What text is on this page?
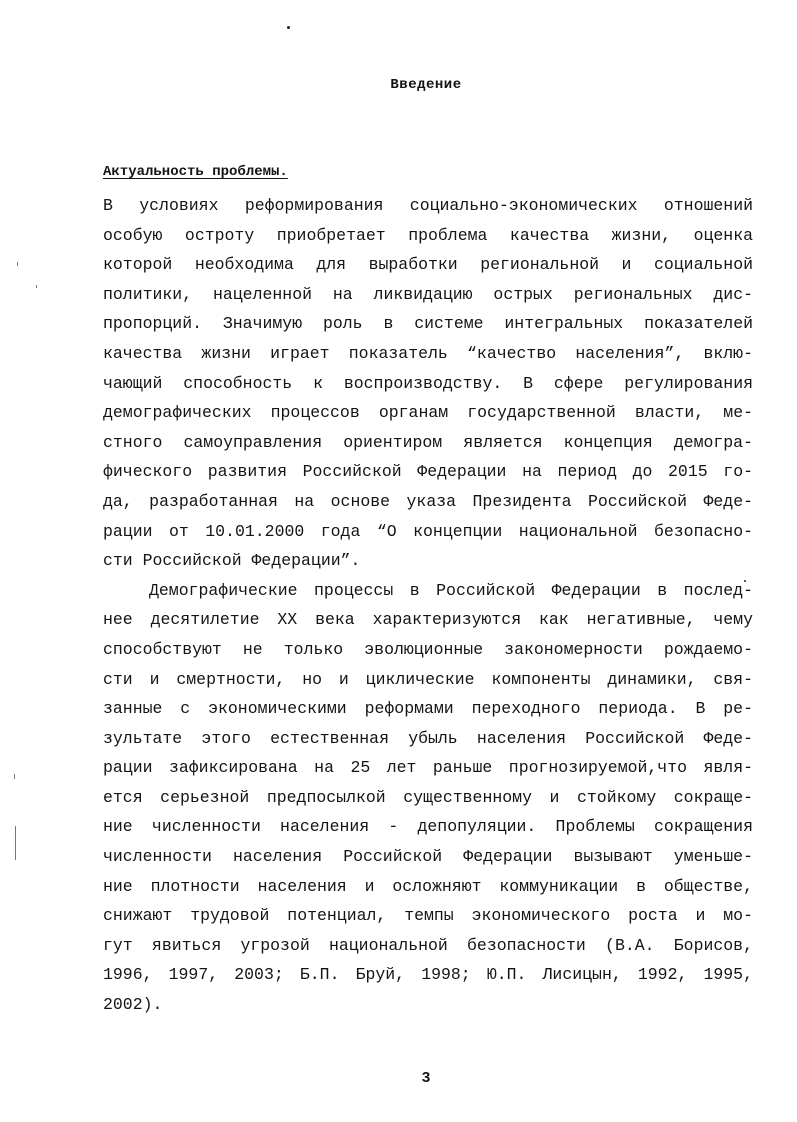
Введение
Актуальность проблемы.
В условиях реформирования социально-экономических отношений
особую остроту приобретает проблема качества жизни, оценка
которой необходима для выработки региональной и социальной
политики, нацеленной на ликвидацию острых региональных дис-
пропорций. Значимую роль в системе интегральных показателей
качества жизни играет показатель “качество населения”, вклю-
чающий способность к воспроизводству. В сфере регулирования
демографических процессов органам государственной власти, ме-
стного самоуправления ориентиром является концепция демогра-
фического развития Российской Федерации на период до 2015 го-
да, разработанная на основе указа Президента Российской Феде-
рации от 10.01.2000 года “О концепции национальной безопасно-
сти Российской Федерации”.
Демографические процессы в Российской Федерации в послед-
нее десятилетие XX века характеризуются как негативные, чему
способствуют не только эволюционные закономерности рождаемо-
сти и смертности, но и циклические компоненты динамики, свя-
занные с экономическими реформами переходного периода. В ре-
зультате этого естественная убыль населения Российской Феде-
рации зафиксирована на 25 лет раньше прогнозируемой,что явля-
ется серьезной предпосылкой существенному и стойкому сокраще-
ние численности населения - депопуляции. Проблемы сокращения
численности населения Российской Федерации вызывают уменьше-
ние плотности населения и осложняют коммуникации в обществе,
снижают трудовой потенциал, темпы экономического роста и мо-
гут явиться угрозой национальной безопасности (В.А. Борисов,
1996, 1997, 2003; Б.П. Бруй, 1998; Ю.П. Лисицын, 1992, 1995,
2002).
3
